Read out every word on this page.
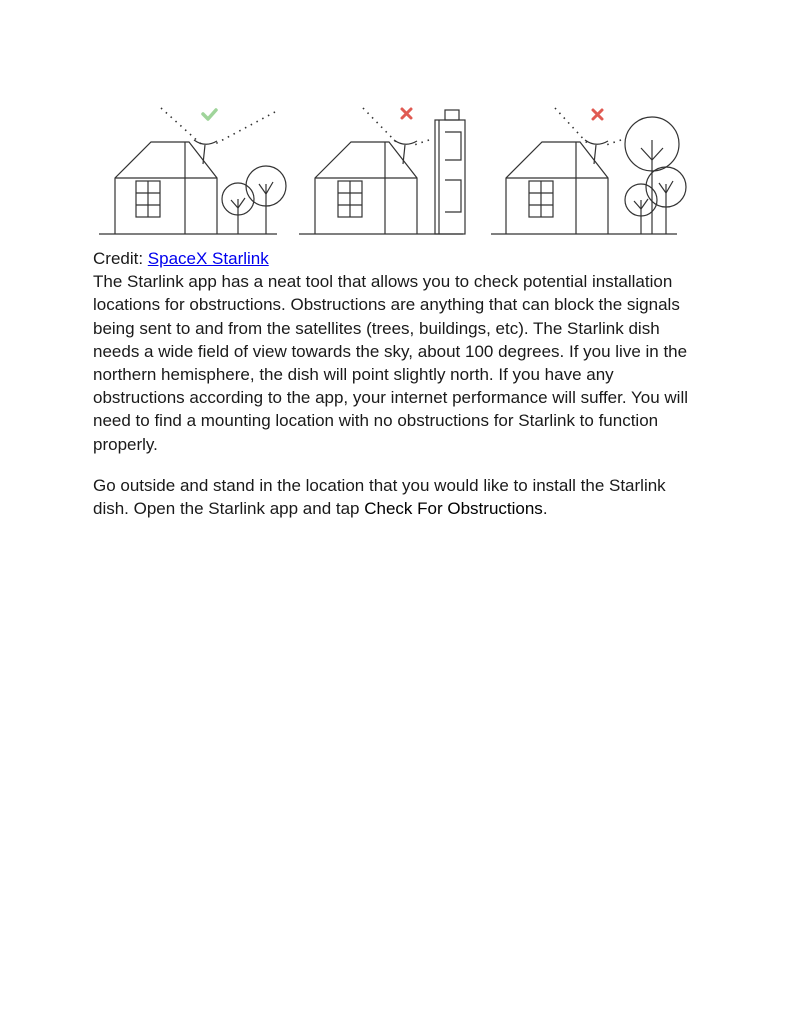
Credit: SpaceX Starlink

The Starlink app has a neat tool that allows you to check potential installation locations for obstructions. Obstructions are anything that can block the signals being sent to and from the satellites (trees, buildings, etc). The Starlink dish needs a wide field of view towards the sky, about 100 degrees. If you live in the northern hemisphere, the dish will point slightly north. If you have any obstructions according to the app, your internet performance will suffer. You will need to find a mounting location with no obstructions for Starlink to function properly.

Go outside and stand in the location that you would like to install the Starlink dish. Open the Starlink app and tap Check For Obstructions.
